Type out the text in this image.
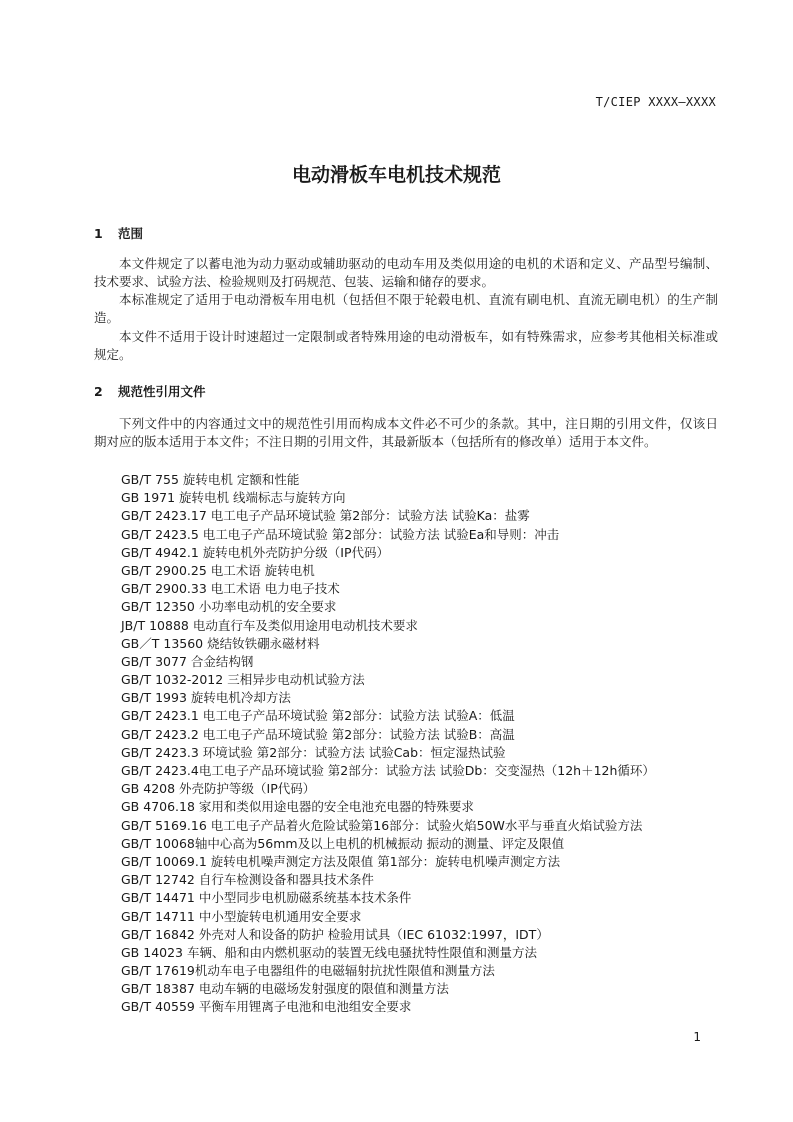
T/CIEP XXXX—XXXX
电动滑板车电机技术规范
1 范围
本文件规定了以蓄电池为动力驱动或辅助驱动的电动车用及类似用途的电机的术语和定义、产品型号编制、技术要求、试验方法、检验规则及打码规范、包装、运输和储存的要求。
本标准规定了适用于电动滑板车用电机（包括但不限于轮毂电机、直流有刷电机、直流无刷电机）的生产制造。
本文件不适用于设计时速超过一定限制或者特殊用途的电动滑板车，如有特殊需求，应参考其他相关标准或规定。
2 规范性引用文件
下列文件中的内容通过文中的规范性引用而构成本文件必不可少的条款。其中，注日期的引用文件，仅该日期对应的版本适用于本文件；不注日期的引用文件，其最新版本（包括所有的修改单）适用于本文件。
GB/T 755 旋转电机 定额和性能
GB 1971 旋转电机 线端标志与旋转方向
GB/T 2423.17 电工电子产品环境试验 第2部分：试验方法 试验Ka：盐雾
GB/T 2423.5 电工电子产品环境试验 第2部分：试验方法 试验Ea和导则：冲击
GB/T 4942.1 旋转电机外壳防护分级（IP代码）
GB/T 2900.25 电工术语 旋转电机
GB/T 2900.33 电工术语 电力电子技术
GB/T 12350 小功率电动机的安全要求
JB/T 10888 电动直行车及类似用途用电动机技术要求
GB／T 13560 烧结钕铁硼永磁材料
GB/T 3077 合金结构钢
GB/T 1032-2012 三相异步电动机试验方法
GB/T 1993 旋转电机冷却方法
GB/T 2423.1 电工电子产品环境试验 第2部分：试验方法 试验A：低温
GB/T 2423.2 电工电子产品环境试验 第2部分：试验方法 试验B：高温
GB/T 2423.3 环境试验 第2部分：试验方法 试验Cab：恒定湿热试验
GB/T 2423.4电工电子产品环境试验 第2部分：试验方法 试验Db：交变湿热（12h＋12h循环）
GB 4208 外壳防护等级（IP代码）
GB 4706.18 家用和类似用途电器的安全电池充电器的特殊要求
GB/T 5169.16 电工电子产品着火危险试验第16部分：试验火焰50W水平与垂直火焰试验方法
GB/T 10068轴中心高为56mm及以上电机的机械振动 振动的测量、评定及限值
GB/T 10069.1 旋转电机噪声测定方法及限值 第1部分：旋转电机噪声测定方法
GB/T 12742 自行车检测设备和器具技术条件
GB/T 14471 中小型同步电机励磁系统基本技术条件
GB/T 14711 中小型旋转电机通用安全要求
GB/T 16842 外壳对人和设备的防护 检验用试具（IEC 61032:1997，IDT）
GB 14023 车辆、船和由内燃机驱动的装置无线电骚扰特性限值和测量方法
GB/T 17619机动车电子电器组件的电磁辐射抗扰性限值和测量方法
GB/T 18387 电动车辆的电磁场发射强度的限值和测量方法
GB/T 40559 平衡车用锂离子电池和电池组安全要求
1
